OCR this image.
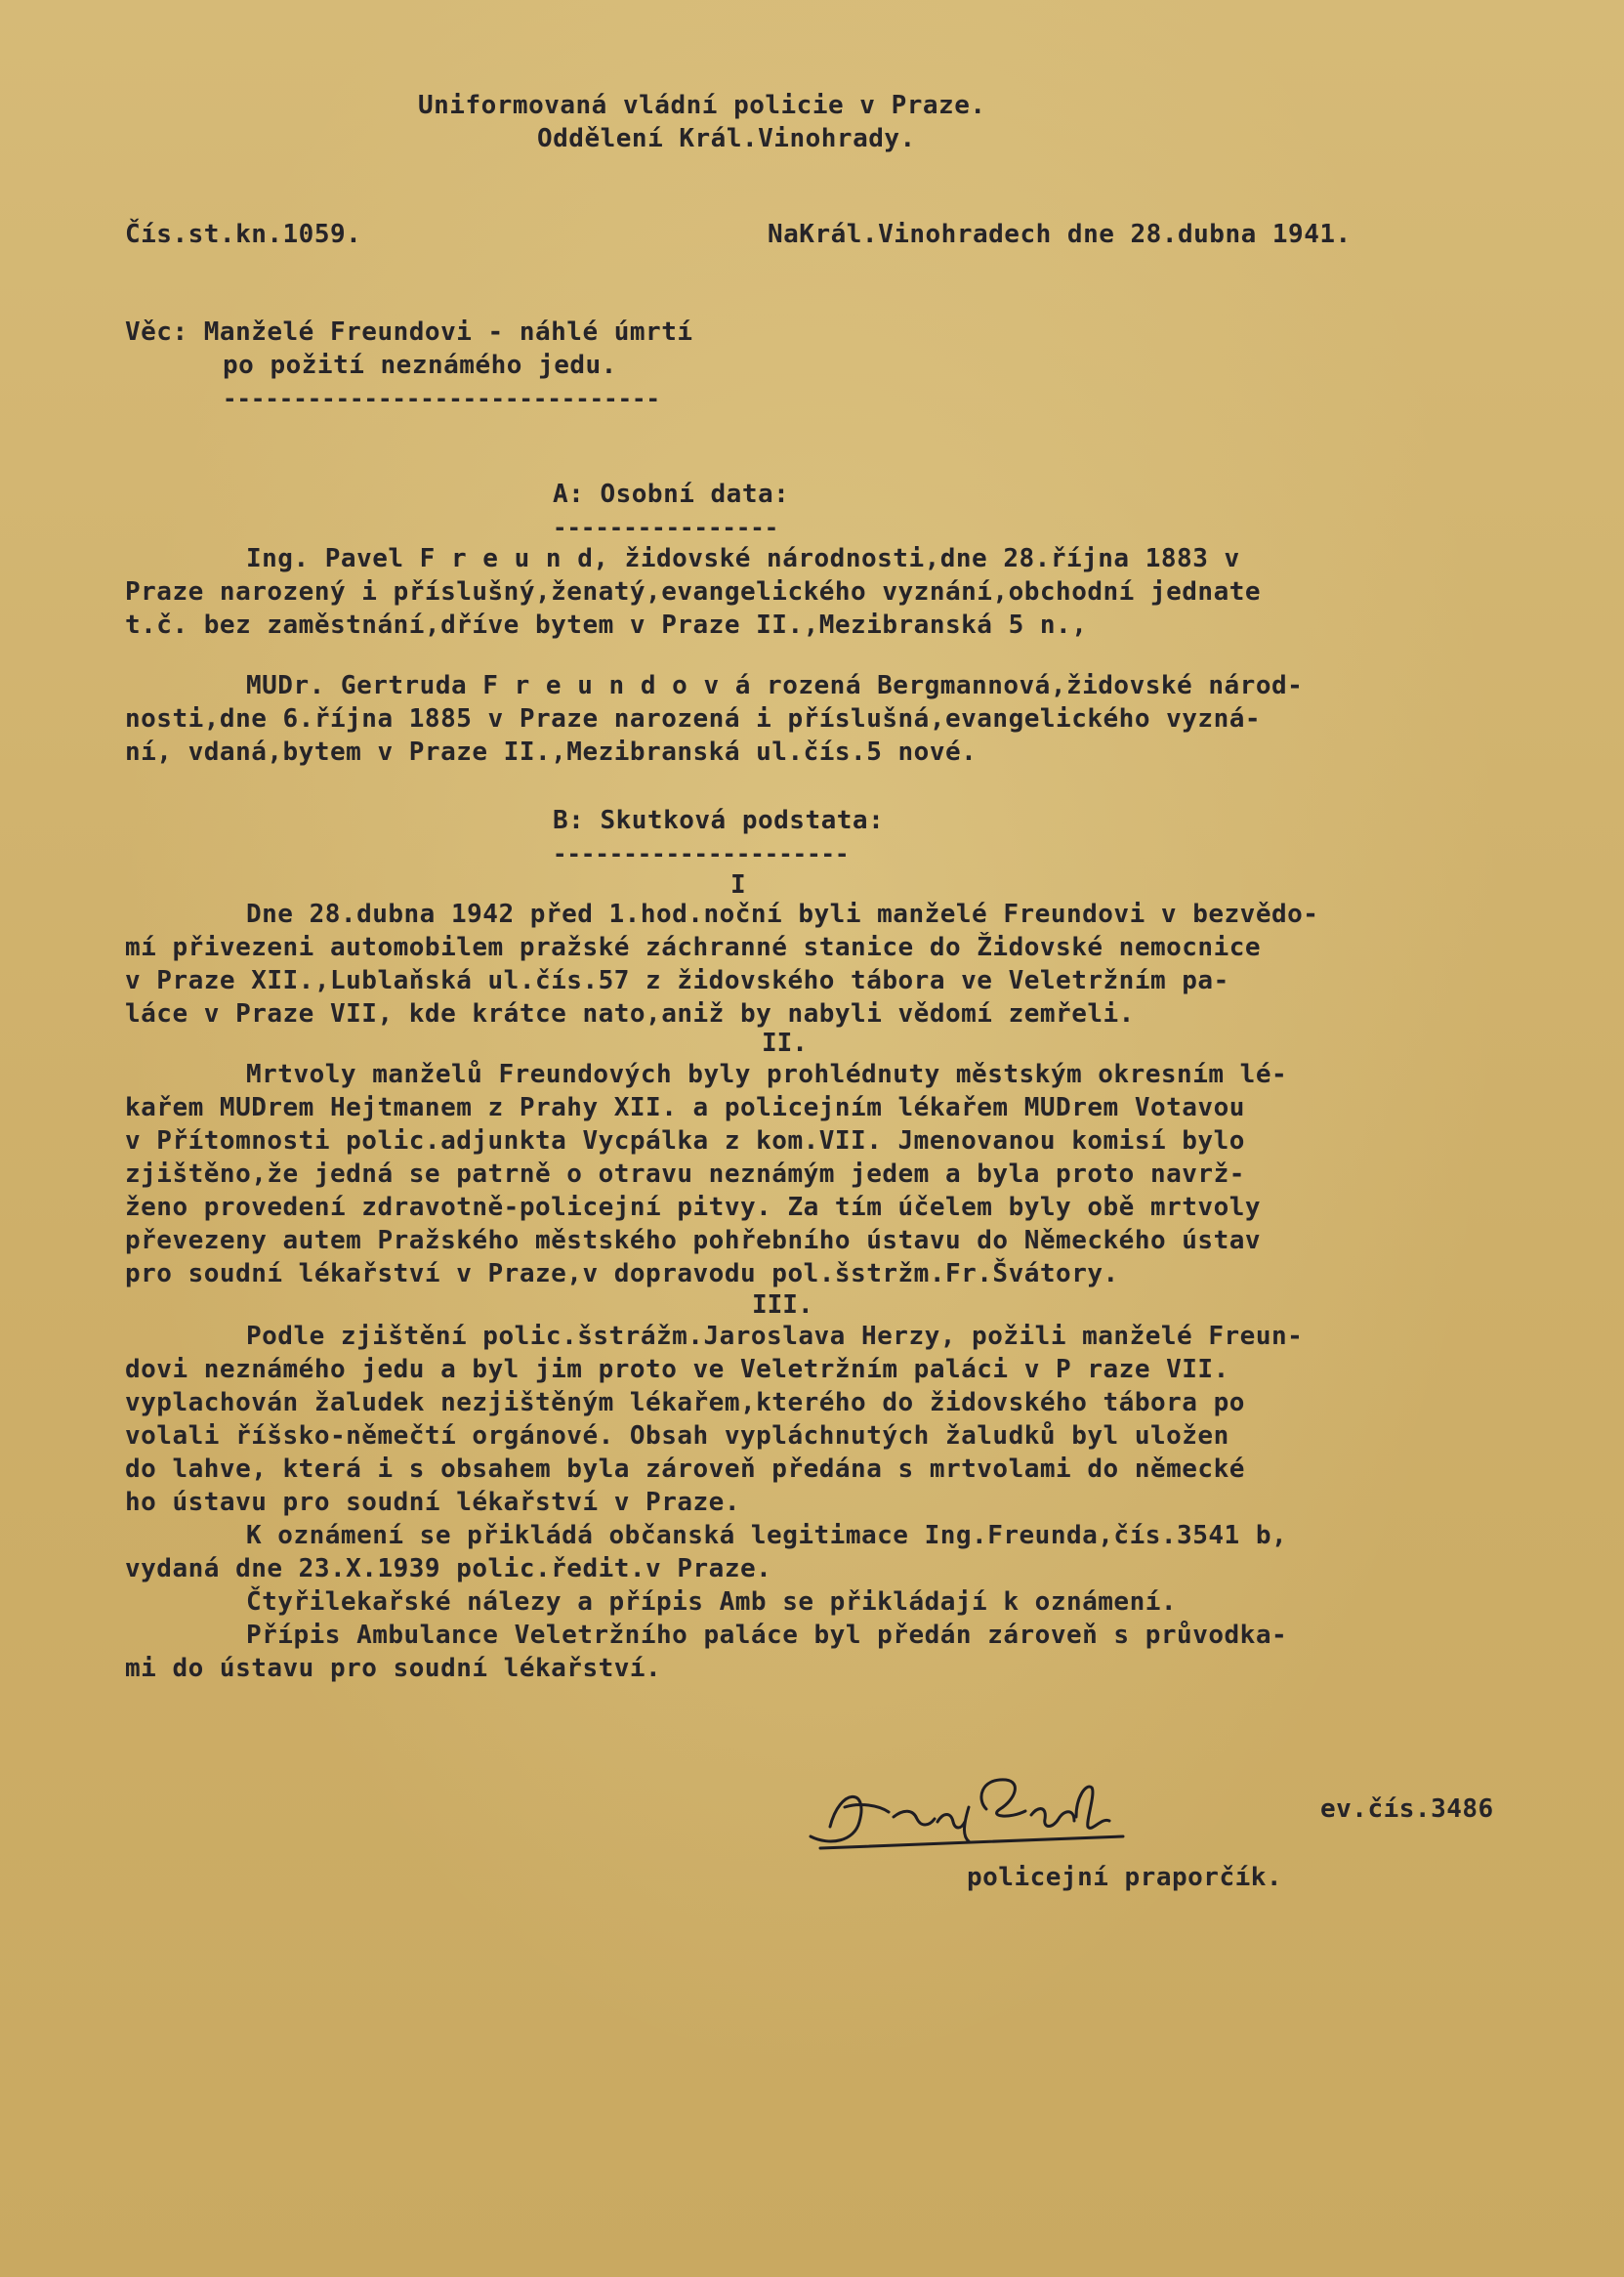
Uniformovaná vládní policie v Praze.
Oddělení Král.Vinohrady.
Čís.st.kn.1059.	NaKrál.Vinohradech dne 28.dubna 1941.
Věc: Manželé Freundovi - náhlé úmrtí
po požití neznámého jedu.
-------------------------------
A: Osobní data:
----------------
Ing. Pavel F r e u n d, židovské národnosti,dne 28.října 1883 v
Praze narozený i příslušný,ženatý,evangelického vyznání,obchodní jednate
t.č. bez zaměstnání,dříve bytem v Praze II.,Mezibranská 5 n.,
MUDr. Gertruda F r e u n d o v á rozená Bergmannová,židovské národ-
nosti,dne 6.října 1885 v Praze narozená i příslušná,evangelického vyzná-
ní, vdaná,bytem v Praze II.,Mezibranská ul.čís.5 nové.
B: Skutková podstata:
---------------------
I
Dne 28.dubna 1942 před 1.hod.noční byli manželé Freundovi v bezvědo-
mí přivezeni automobilem pražské záchranné stanice do Židovské nemocnice
v Praze XII.,Lublaňská ul.čís.57 z židovského tábora ve Veletržním pa-
láce v Praze VII, kde krátce nato,aniž by nabyli vědomí zemřeli.
II.
Mrtvoly manželů Freundových byly prohlédnuty městským okresním lé-
kařem MUDrem Hejtmanem z Prahy XII. a policejním lékařem MUDrem Votavou
v Přítomnosti polic.adjunkta Vycpálka z kom.VII. Jmenovanou komisí bylo
zjištěno,že jedná se patrně o otravu neznámým jedem a byla proto navrž-
ženo provedení zdravotně-policejní pitvy. Za tím účelem byly obě mrtvoly
převezeny autem Pražského městského pohřebního ústavu do Německého ústav
pro soudní lékařství v Praze,v dopravodu pol.šstržm.Fr.Švátory.
III.
Podle zjištění polic.šstrážm.Jaroslava Herzy, požili manželé Freun-
dovi neznámého jedu a byl jim proto ve Veletržním paláci v P raze VII.
vyplachován žaludek nezjištěným lékařem,kterého do židovského tábora po
volali říšsko-němečtí orgánové. Obsah vypláchnutých žaludků byl uložen
do lahve, která i s obsahem byla zároveň předána s mrtvolami do německé
ho ústavu pro soudní lékařství v Praze.
K oznámení se přikládá občanská legitimace Ing.Freunda,čís.3541 b,
vydaná dne 23.X.1939 polic.ředit.v Praze.
Čtyřilekařské nálezy a přípis Amb se přikládají k oznámení.
Přípis Ambulance Veletržního paláce byl předán zároveň s průvodka-
mi do ústavu pro soudní lékařství.
ev.čís.3486
policejní praporčík.
